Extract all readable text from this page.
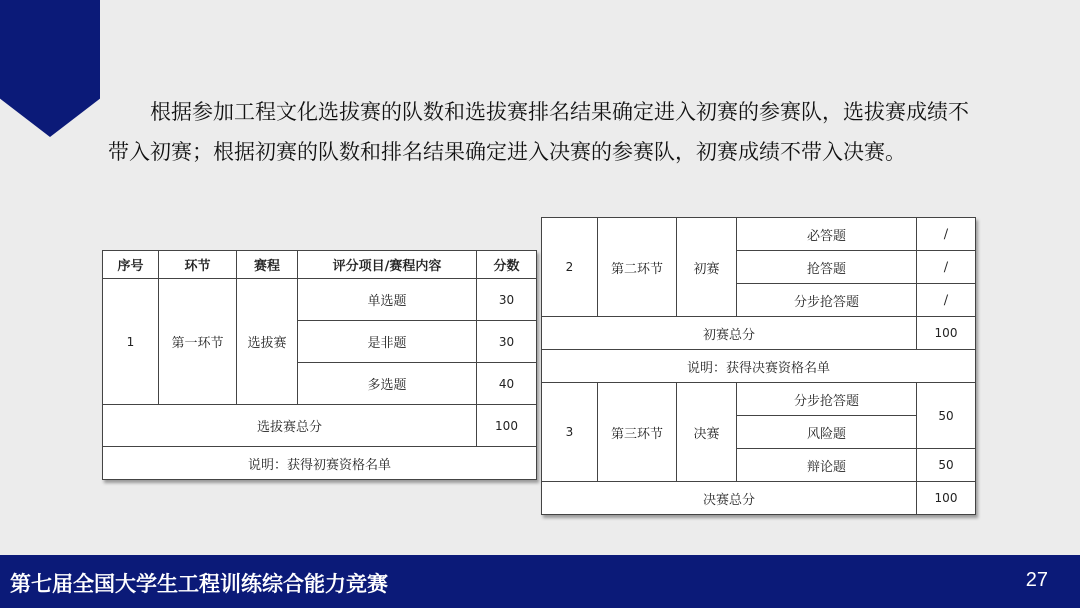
根据参加工程文化选拔赛的队数和选拔赛排名结果确定进入初赛的参赛队，选拔赛成绩不带入初赛；根据初赛的队数和排名结果确定进入决赛的参赛队，初赛成绩不带入决赛。

序号	环节	赛程	评分项目/赛程内容	分数
1	第一环节	选拔赛	单选题	30
			是非题	30
			多选题	40
选拔赛总分				100
说明：获得初赛资格名单				
2	第二环节	初赛	必答题	/
			抢答题	/
			分步抢答题	/
初赛总分				100
说明：获得决赛资格名单				
3	第三环节	决赛	分步抢答题	50
			风险题	
			辩论题	50
决赛总分				100
第七届全国大学生工程训练综合能力竞赛	27
